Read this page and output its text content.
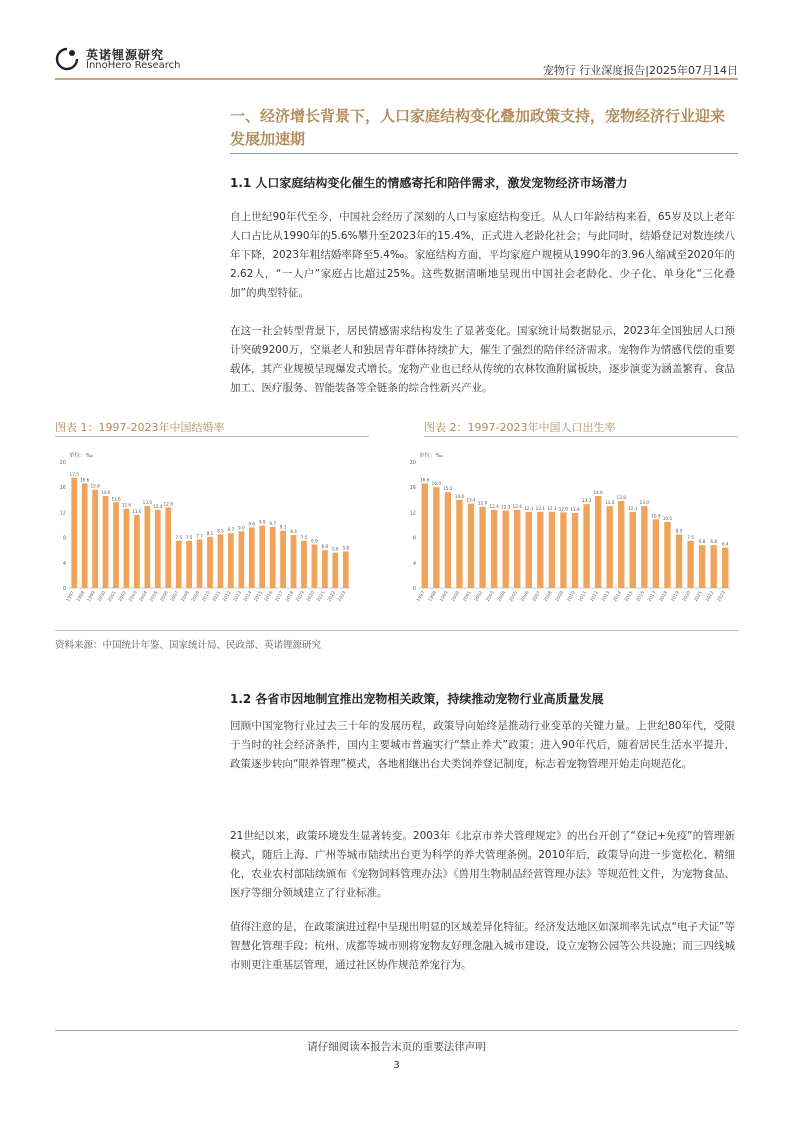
英诺锂源研究
InnoHero Research	宠物行 行业深度报告|2025年07月14日
一、经济增长背景下，人口家庭结构变化叠加政策支持，宠物经济行业迎来发展加速期
1.1 人口家庭结构变化催生的情感寄托和陪伴需求，激发宠物经济市场潜力
自上世纪90年代至今，中国社会经历了深刻的人口与家庭结构变迁。从人口年龄结构来看，65岁及以上老年人口占比从1990年的5.6%攀升至2023年的15.4%，正式进入老龄化社会；与此同时，结婚登记对数连续八年下降，2023年粗结婚率降至5.4‰。家庭结构方面，平均家庭户规模从1990年的3.96人缩减至2020年的2.62人，“一人户”家庭占比超过25%。这些数据清晰地呈现出中国社会老龄化、少子化、单身化“三化叠加”的典型特征。
在这一社会转型背景下，居民情感需求结构发生了显著变化。国家统计局数据显示，2023年全国独居人口预计突破9200万，空巢老人和独居青年群体持续扩大，催生了强烈的陪伴经济需求。宠物作为情感代偿的重要载体，其产业规模呈现爆发式增长。宠物产业也已经从传统的农林牧渔附属板块，逐步演变为涵盖繁育、食品加工、医疗服务、智能装备等全链条的综合性新兴产业。
图表 1：1997-2023年中国结婚率	图表 2：1997-2023年中国人口出生率
单位：‰
0
4
8
12
16
20
17.5
1997
16.6
1998
15.6
1999
14.6
2000
13.6
2001
12.6
2002
11.6
2003
13.0
2004
12.4
2005
12.8
2006
7.5
2007
7.5
2008
7.7
2009
8.1
2010
8.5
2011
8.7
2012
9.0
2013
9.6
2014
9.9
2015
9.7
2016
9.1
2017
8.4
2018
7.5
2019
6.9
2020
6.0
2021
5.6
2022
5.8
2023
单位：‰
0
4
8
12
16
20
16.6
1997
16.0
1998
15.2
1999
14.0
2000
13.4
2001
12.9
2002
12.4
2003
12.3
2004
12.4
2005
12.1
2006
12.1
2007
12.1
2008
12.0
2009
11.9
2010
13.3
2011
14.6
2012
13.0
2013
13.8
2014
12.1
2015
13.0
2016
10.9
2017
10.5
2018
8.5
2019
7.5
2020
6.8
2021
6.8
2022
6.4
2023
资料来源：中国统计年鉴、国家统计局、民政部、英诺锂源研究
1.2 各省市因地制宜推出宠物相关政策，持续推动宠物行业高质量发展
回顾中国宠物行业过去三十年的发展历程，政策导向始终是推动行业变革的关键力量。上世纪80年代，受限于当时的社会经济条件，国内主要城市普遍实行“禁止养犬”政策；进入90年代后，随着居民生活水平提升，政策逐步转向“限养管理”模式，各地相继出台犬类饲养登记制度，标志着宠物管理开始走向规范化。
21世纪以来，政策环境发生显著转变。2003年《北京市养犬管理规定》的出台开创了“登记+免疫”的管理新模式，随后上海、广州等城市陆续出台更为科学的养犬管理条例。2010年后，政策导向进一步宽松化、精细化，农业农村部陆续颁布《宠物饲料管理办法》《兽用生物制品经营管理办法》等规范性文件，为宠物食品、医疗等细分领域建立了行业标准。
值得注意的是，在政策演进过程中呈现出明显的区域差异化特征。经济发达地区如深圳率先试点“电子犬证”等智慧化管理手段；杭州、成都等城市则将宠物友好理念融入城市建设，设立宠物公园等公共设施；而三四线城市则更注重基层管理，通过社区协作规范养宠行为。
请仔细阅读本报告末页的重要法律声明
3
